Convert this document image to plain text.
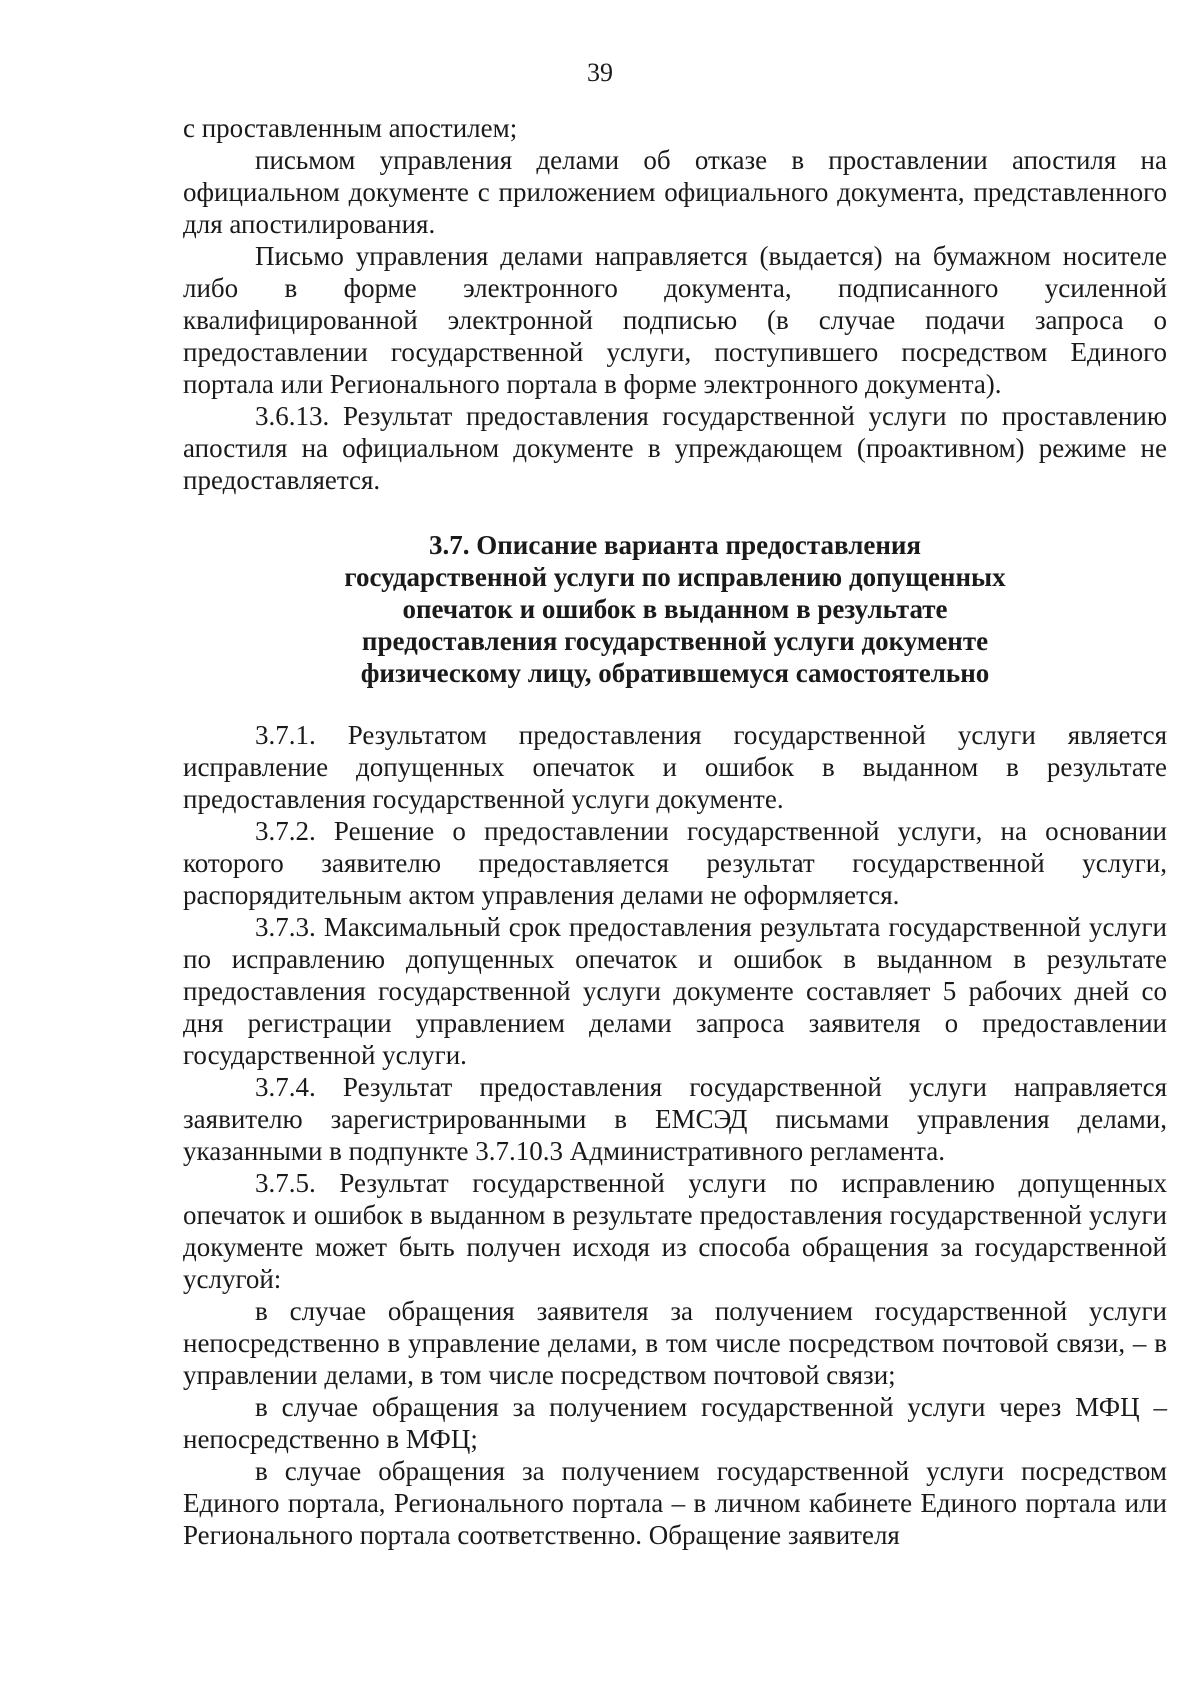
39

с проставленным апостилем;

письмом управления делами об отказе в проставлении апостиля на официальном документе с приложением официального документа, представленного для апостилирования.

Письмо управления делами направляется (выдается) на бумажном носителе либо в форме электронного документа, подписанного усиленной квалифицированной электронной подписью (в случае подачи запроса о предоставлении государственной услуги, поступившего посредством Единого портала или Регионального портала в форме электронного документа).

3.6.13. Результат предоставления государственной услуги по проставлению апостиля на официальном документе в упреждающем (проактивном) режиме не предоставляется.

3.7. Описание варианта предоставления
государственной услуги по исправлению допущенных
опечаток и ошибок в выданном в результате
предоставления государственной услуги документе
физическому лицу, обратившемуся самостоятельно

3.7.1. Результатом предоставления государственной услуги является исправление допущенных опечаток и ошибок в выданном в результате предоставления государственной услуги документе.

3.7.2. Решение о предоставлении государственной услуги, на основании которого заявителю предоставляется результат государственной услуги, распорядительным актом управления делами не оформляется.

3.7.3. Максимальный срок предоставления результата государственной услуги по исправлению допущенных опечаток и ошибок в выданном в результате предоставления государственной услуги документе составляет 5 рабочих дней со дня регистрации управлением делами запроса заявителя о предоставлении государственной услуги.

3.7.4. Результат предоставления государственной услуги направляется заявителю зарегистрированными в ЕМСЭД письмами управления делами, указанными в подпункте 3.7.10.3 Административного регламента.

3.7.5. Результат государственной услуги по исправлению допущенных опечаток и ошибок в выданном в результате предоставления государственной услуги документе может быть получен исходя из способа обращения за государственной услугой:

в случае обращения заявителя за получением государственной услуги непосредственно в управление делами, в том числе посредством почтовой связи, – в управлении делами, в том числе посредством почтовой связи;

в случае обращения за получением государственной услуги через МФЦ – непосредственно в МФЦ;

в случае обращения за получением государственной услуги посредством Единого портала, Регионального портала – в личном кабинете Единого портала или Регионального портала соответственно. Обращение заявителя
